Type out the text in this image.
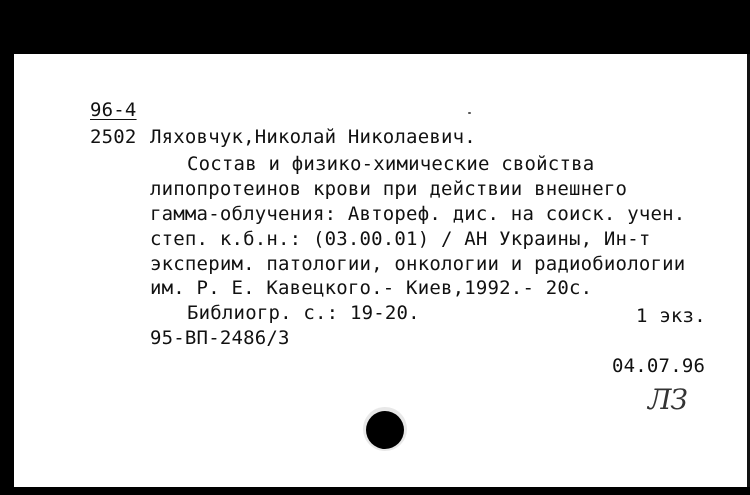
96-4
2502 Ляховчук,Николай Николаевич.
Состав и физико-химические свойства
липопротеинов крови при действии внешнего
гамма-облучения: Автореф. дис. на соиск. учен.
степ. к.б.н.: (03.00.01) / АН Украины, Ин-т
эксперим. патологии, онкологии и радиобиологии
им. Р. Е. Кавецкого.- Киев,1992.- 20с.
Библиогр. с.: 19-20.	1 экз.
95-ВП-2486/3
04.07.96
ЛЗ
